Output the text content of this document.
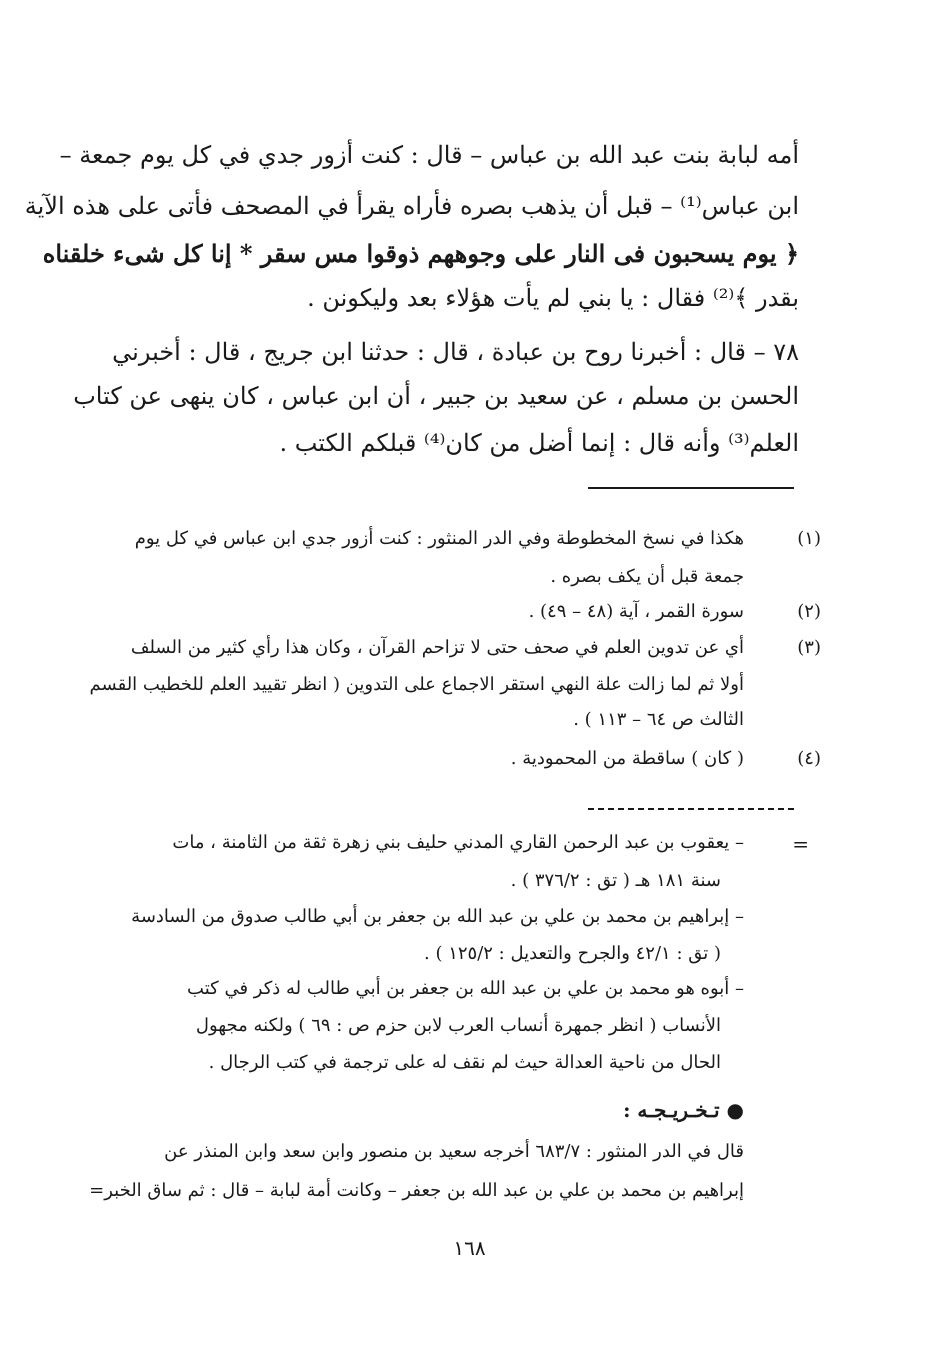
أمه لبابة بنت عبد الله بن عباس – قال : كنت أزور جدي في كل يوم جمعة –
ابن عباس⁽¹⁾ – قبل أن يذهب بصره فأراه يقرأ في المصحف فأتى على هذه الآية
﴿ يوم يسحبون فى النار على وجوههم ذوقوا مس سقر * إنا كل شىء خلقناه
بقدر ﴾⁽²⁾ فقال : يا بني لم يأت هؤلاء بعد وليكونن .
٧٨ – قال : أخبرنا روح بن عبادة ، قال : حدثنا ابن جريج ، قال : أخبرني
الحسن بن مسلم ، عن سعيد بن جبير ، أن ابن عباس ، كان ينهى عن كتاب
العلم⁽³⁾ وأنه قال : إنما أضل من كان⁽⁴⁾ قبلكم الكتب .
(١)
هكذا في نسخ المخطوطة وفي الدر المنثور : كنت أزور جدي ابن عباس في كل يوم
جمعة قبل أن يكف بصره .
(٢)
سورة القمر ، آية (٤٨ – ٤٩) .
(٣)
أي عن تدوين العلم في صحف حتى لا تزاحم القرآن ، وكان هذا رأي كثير من السلف
أولا ثم لما زالت علة النهي استقر الاجماع على التدوين ( انظر تقييد العلم للخطيب القسم
الثالث ص ٦٤ – ١١٣ ) .
(٤)
( كان ) ساقطة من المحمودية .
=
– يعقوب بن عبد الرحمن القاري المدني حليف بني زهرة ثقة من الثامنة ، مات
سنة ١٨١ هـ ( تق : ٣٧٦/٢ ) .
– إبراهيم بن محمد بن علي بن عبد الله بن جعفر بن أبي طالب صدوق من السادسة
( تق : ٤٢/١ والجرح والتعديل : ١٢٥/٢ ) .
– أبوه هو محمد بن علي بن عبد الله بن جعفر بن أبي طالب له ذكر في كتب
الأنساب ( انظر جمهرة أنساب العرب لابن حزم ص : ٦٩ ) ولكنه مجهول
الحال من ناحية العدالة حيث لم نقف له على ترجمة في كتب الرجال .
● تـخـريـجـه :
قال في الدر المنثور : ٦٨٣/٧ أخرجه سعيد بن منصور وابن سعد وابن المنذر عن
إبراهيم بن محمد بن علي بن عبد الله بن جعفر – وكانت أمة لبابة – قال : ثم ساق الخبر=
١٦٨
